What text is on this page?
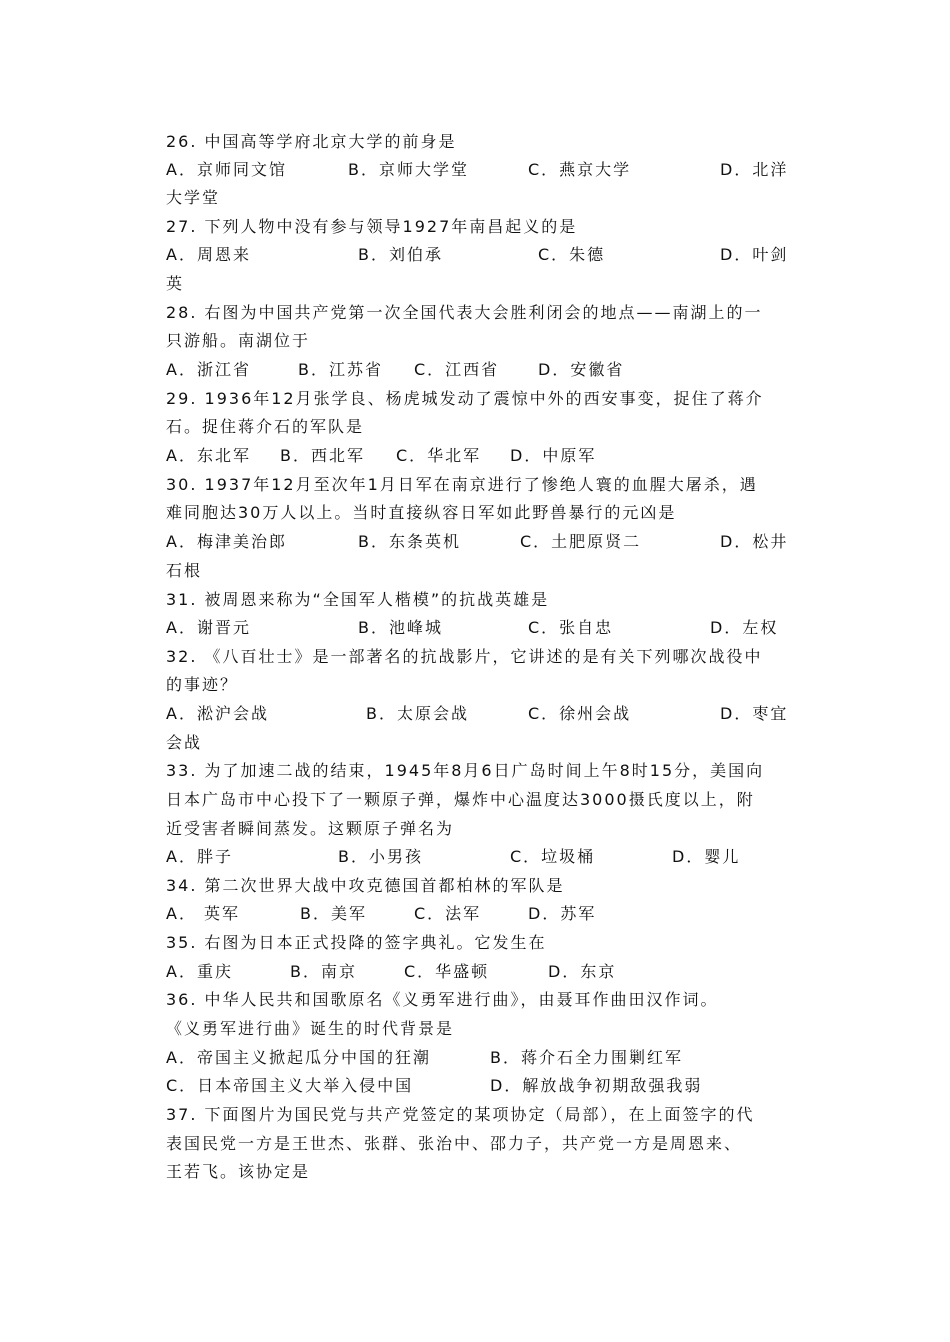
26. 中国高等学府北京大学的前身是
A．京师同文馆	B．京师大学堂	C．燕京大学	D．北洋
大学堂
27. 下列人物中没有参与领导1927年南昌起义的是
A．周恩来	B．刘伯承	C．朱德	D．叶剑
英
28. 右图为中国共产党第一次全国代表大会胜利闭会的地点——南湖上的一
只游船。南湖位于
A．浙江省	B．江苏省 C．江西省 D．安徽省
29. 1936年12月张学良、杨虎城发动了震惊中外的西安事变，捉住了蒋介
石。捉住蒋介石的军队是
A．东北军 B．西北军 C．华北军 D．中原军
30. 1937年12月至次年1月日军在南京进行了惨绝人寰的血腥大屠杀，遇
难同胞达30万人以上。当时直接纵容日军如此野兽暴行的元凶是
A．梅津美治郎	B．东条英机	C．土肥原贤二	D．松井
石根
31. 被周恩来称为“全国军人楷模”的抗战英雄是
A．谢晋元	B．池峰城	C．张自忠	D．左权
32. 《八百壮士》是一部著名的抗战影片，它讲述的是有关下列哪次战役中
的事迹？
A．淞沪会战	B．太原会战	C．徐州会战	D．枣宜
会战
33. 为了加速二战的结束，1945年8月6日广岛时间上午8时15分，美国向
日本广岛市中心投下了一颗原子弹，爆炸中心温度达3000摄氏度以上，附
近受害者瞬间蒸发。这颗原子弹名为
A．胖子	B．小男孩	C．垃圾桶	D．婴儿
34. 第二次世界大战中攻克德国首都柏林的军队是
A． 英军	B．美军	C．法军	D．苏军
35. 右图为日本正式投降的签字典礼。它发生在
A．重庆	B．南京	C．华盛顿	D．东京
36. 中华人民共和国歌原名《义勇军进行曲》，由聂耳作曲田汉作词。
《义勇军进行曲》诞生的时代背景是
A．帝国主义掀起瓜分中国的狂潮	B．蒋介石全力围剿红军
C．日本帝国主义大举入侵中国	D．解放战争初期敌强我弱
37. 下面图片为国民党与共产党签定的某项协定（局部），在上面签字的代
表国民党一方是王世杰、张群、张治中、邵力子，共产党一方是周恩来、
王若飞。该协定是
